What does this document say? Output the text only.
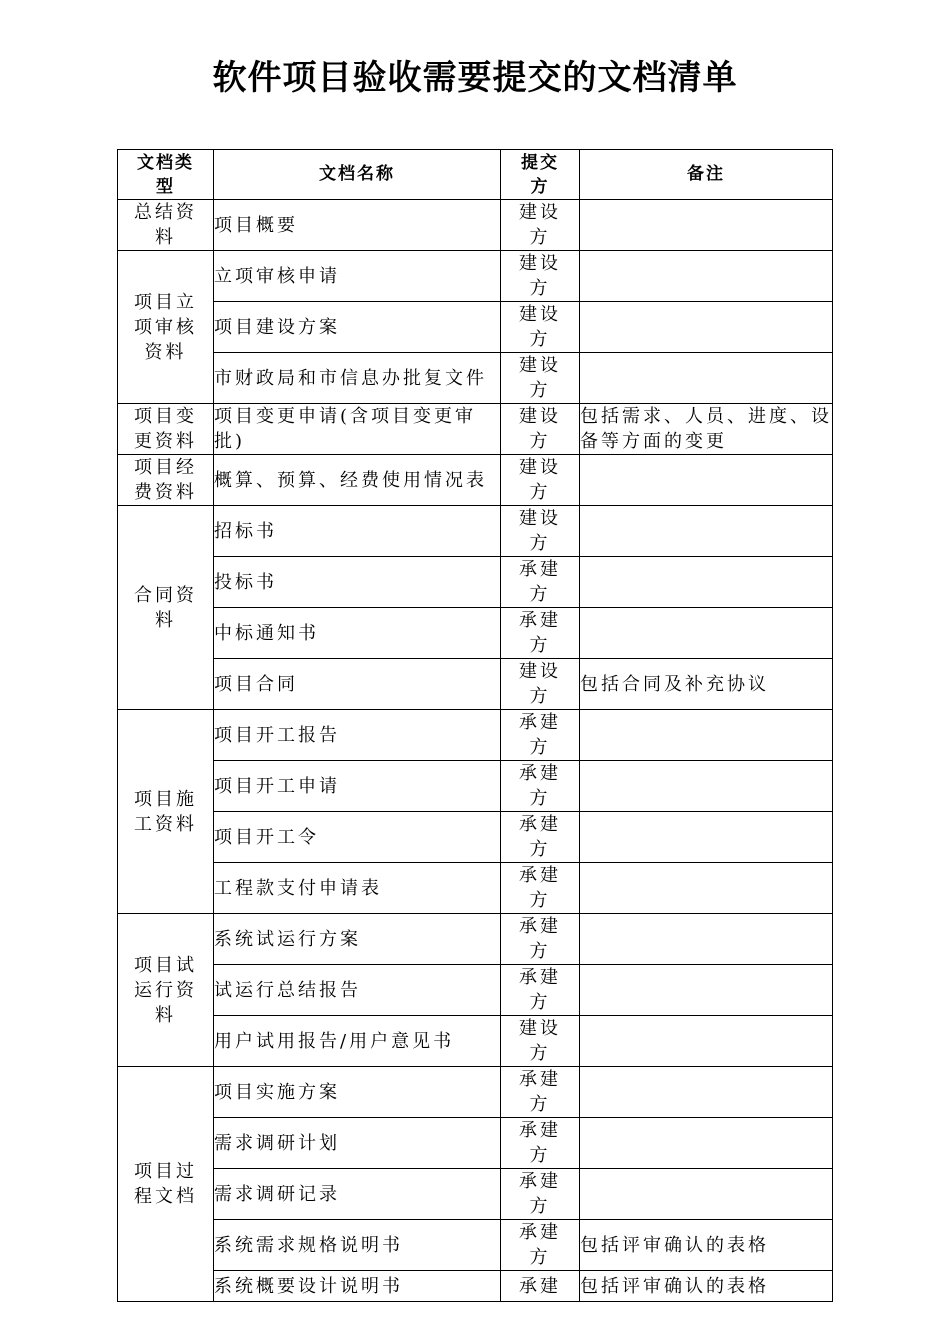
软件项目验收需要提交的文档清单
文档类型	文档名称	提交方	备注

总结资料	项目概要	建设方	

项目立项审核资料	立项审核申请	建设方	

	项目建设方案	建设方	

	市财政局和市信息办批复文件	建设方	

项目变更资料	项目变更申请(含项目变更审批)	建设方	包括需求、人员、进度、设备等方面的变更

项目经费资料	概算、预算、经费使用情况表	建设方	

合同资料	招标书	建设方	

	投标书	承建方	

	中标通知书	承建方	

	项目合同	建设方	包括合同及补充协议

项目施工资料	项目开工报告	承建方	

	项目开工申请	承建方	

	项目开工令	承建方	

	工程款支付申请表	承建方	

项目试运行资料	系统试运行方案	承建方	

	试运行总结报告	承建方	

	用户试用报告/用户意见书	建设方	

项目过程文档	项目实施方案	承建方	

	需求调研计划	承建方	

	需求调研记录	承建方	

	系统需求规格说明书	承建方	包括评审确认的表格
	系统概要设计说明书	承建	包括评审确认的表格
